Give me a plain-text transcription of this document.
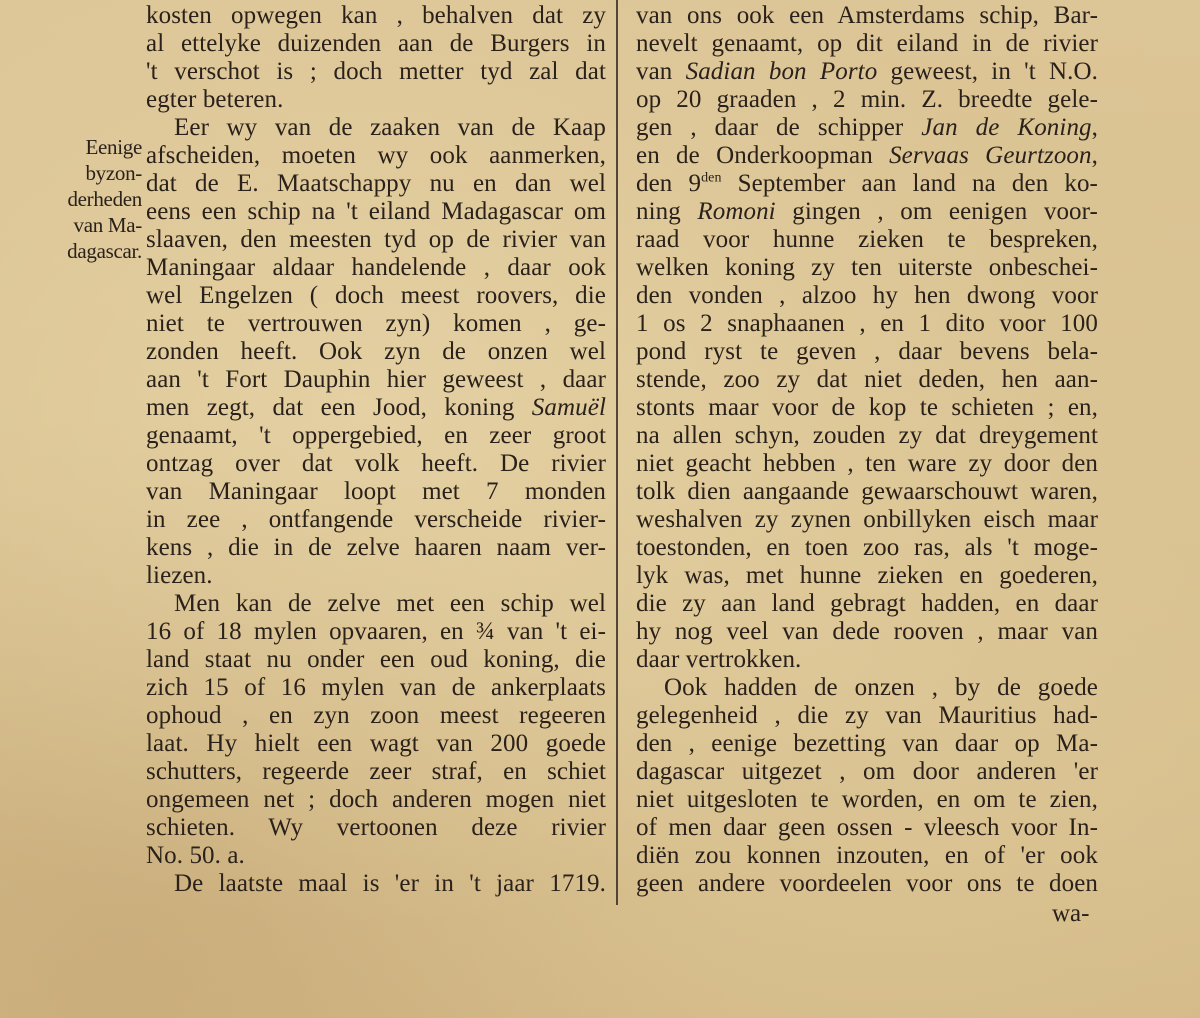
Eenige
byzon-
derheden
van Ma-
dagascar.
kosten opwegen kan , behalven dat zy
al ettelyke duizenden aan de Burgers in
't verschot is ; doch metter tyd zal dat
egter beteren.
Eer wy van de zaaken van de Kaap
afscheiden, moeten wy ook aanmerken,
dat de E. Maatschappy nu en dan wel
eens een schip na 't eiland Madagascar om
slaaven, den meesten tyd op de rivier van
Maningaar aldaar handelende , daar ook
wel Engelzen ( doch meest roovers, die
niet te vertrouwen zyn) komen , ge-
zonden heeft. Ook zyn de onzen wel
aan 't Fort Dauphin hier geweest , daar
men zegt, dat een Jood, koning Samuël
genaamt, 't oppergebied, en zeer groot
ontzag over dat volk heeft. De rivier
van Maningaar loopt met 7 monden
in zee , ontfangende verscheide rivier-
kens , die in de zelve haaren naam ver-
liezen.
Men kan de zelve met een schip wel
16 of 18 mylen opvaaren, en ¾ van 't ei-
land staat nu onder een oud koning, die
zich 15 of 16 mylen van de ankerplaats
ophoud , en zyn zoon meest regeeren
laat. Hy hielt een wagt van 200 goede
schutters, regeerde zeer straf, en schiet
ongemeen net ; doch anderen mogen niet
schieten. Wy vertoonen deze rivier
No. 50. a.
De laatste maal is 'er in 't jaar 1719.
van ons ook een Amsterdams schip, Bar-
nevelt genaamt, op dit eiland in de rivier
van Sadian bon Porto geweest, in 't N.O.
op 20 graaden , 2 min. Z. breedte gele-
gen , daar de schipper Jan de Koning,
en de Onderkoopman Servaas Geurtzoon,
den $9^{den}$ September aan land na den ko-
ning Romoni gingen , om eenigen voor-
raad voor hunne zieken te bespreken,
welken koning zy ten uiterste onbeschei-
den vonden , alzoo hy hen dwong voor
1 os 2 snaphaanen , en 1 dito voor 100
pond ryst te geven , daar bevens bela-
stende, zoo zy dat niet deden, hen aan-
stonts maar voor de kop te schieten ; en,
na allen schyn, zouden zy dat dreygement
niet geacht hebben , ten ware zy door den
tolk dien aangaande gewaarschouwt waren,
weshalven zy zynen onbillyken eisch maar
toestonden, en toen zoo ras, als 't moge-
lyk was, met hunne zieken en goederen,
die zy aan land gebragt hadden, en daar
hy nog veel van dede rooven , maar van
daar vertrokken.
Ook hadden de onzen , by de goede
gelegenheid , die zy van Mauritius had-
den , eenige bezetting van daar op Ma-
dagascar uitgezet , om door anderen 'er
niet uitgesloten te worden, en om te zien,
of men daar geen ossen - vleesch voor In-
diën zou konnen inzouten, en of 'er ook
geen andere voordeelen voor ons te doen
wa-
